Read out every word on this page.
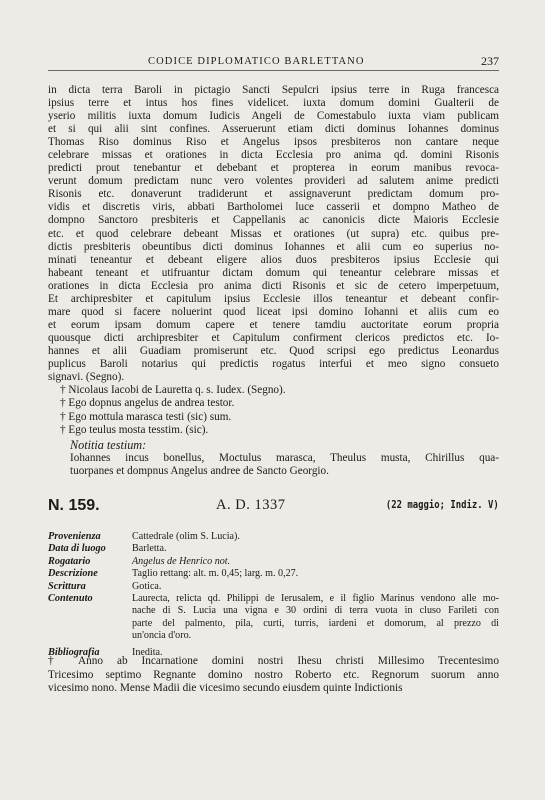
CODICE DIPLOMATICO BARLETTANO	237
in dicta terra Baroli in pictagio Sancti Sepulcri ipsius terre in Ruga francesca
ipsius terre et intus hos fines videlicet. iuxta domum domini Gualterii de
yserio militis iuxta domum Iudicis Angeli de Comestabulo iuxta viam publicam
et si qui alii sint confines. Asseruerunt etiam dicti dominus Iohannes dominus
Thomas Riso dominus Riso et Angelus ipsos presbiteros non cantare neque
celebrare missas et orationes in dicta Ecclesia pro anima qd. domini Risonis
predicti prout tenebantur et debebant et propterea in eorum manibus revoca-
verunt domum predictam nunc vero volentes provideri ad salutem anime predicti
Risonis etc. donaverunt tradiderunt et assignaverunt predictam domum pro-
vidis et discretis viris, abbati Bartholomei luce casserii et dompno Matheo de
dompno Sanctoro presbiteris et Cappellanis ac canonicis dicte Maioris Ecclesie
etc. et quod celebrare debeant Missas et orationes (ut supra) etc. quibus pre-
dictis presbiteris obeuntibus dicti dominus Iohannes et alii cum eo superius no-
minati teneantur et debeant eligere alios duos presbiteros ipsius Ecclesie qui
habeant teneant et utifruantur dictam domum qui teneantur celebrare missas et
orationes in dicta Ecclesia pro anima dicti Risonis et sic de cetero imperpetuum,
Et archipresbiter et capitulum ipsius Ecclesie illos teneantur et debeant confir-
mare quod si facere noluerint quod liceat ipsi domino Iohanni et aliis cum eo
et eorum ipsam domum capere et tenere tamdiu auctoritate eorum propria
quousque dicti archipresbiter et Capitulum confirment clericos predictos etc. Io-
hannes et alii Guadiam promiserunt etc. Quod scripsi ego predictus Leonardus
puplicus Baroli notarius qui predictis rogatus interfui et meo signo consueto
signavi. (Segno).
† Nicolaus Iacobi de Lauretta q. s. Iudex. (Segno).
† Ego dopnus angelus de andrea testor.
† Ego mottula marasca testi (sic) sum.
† Ego teulus mosta tesstim. (sic).
Notitia testium:
Iohannes incus bonellus, Moctulus marasca, Theulus musta, Chirillus qua-
tuorpanes et dompnus Angelus andree de Sancto Georgio.
N. 159.	A. D. 1337	(22 maggio; Indiz. V)
Provenienza	Cattedrale (olim S. Lucia).
Data di luogo	Barletta.
Rogatario	Angelus de Henrico not.
Descrizione	Taglio rettang: alt. m. 0,45; larg. m. 0,27.
Scrittura	Gotica.
Contenuto	Laurecta, relicta qd. Philippi de Ierusalem, e il figlio Marinus vendono alle mo-
nache di S. Lucia una vigna e 30 ordini di terra vuota in cluso Farileti con
parte del palmento, pila, curti, turris, iardeni et domorum, al prezzo di
un'oncia d'oro.
Bibliografia	Inedita.
† Anno ab Incarnatione domini nostri Ihesu christi Millesimo Trecentesimo
Tricesimo septimo Regnante domino nostro Roberto etc. Regnorum suorum anno
vicesimo nono. Mense Madii die vicesimo secundo eiusdem quinte Indictionis
